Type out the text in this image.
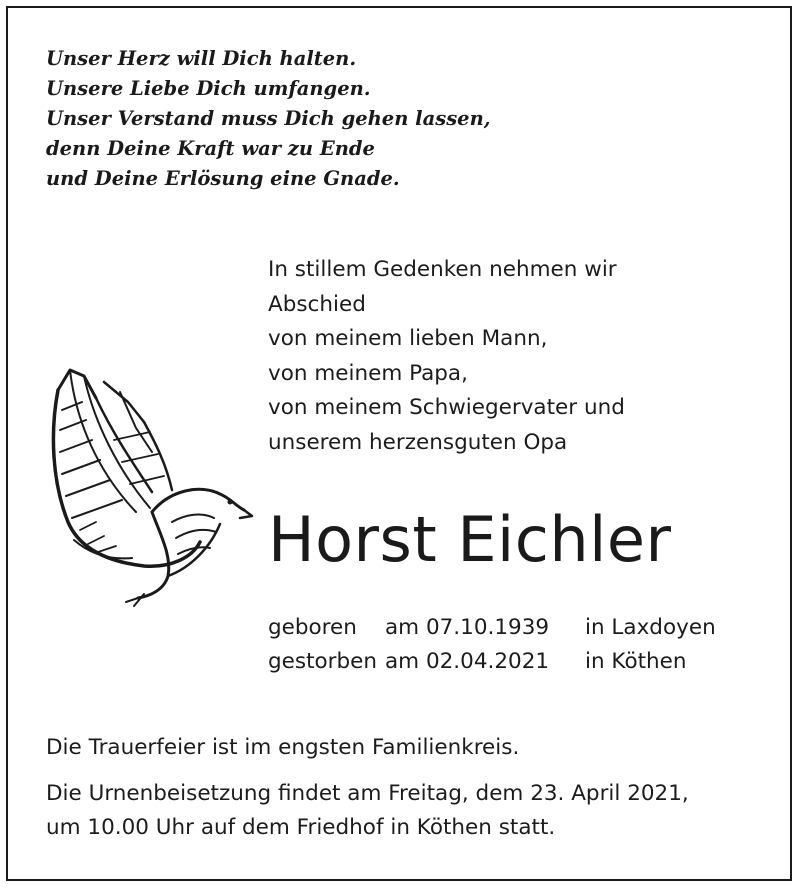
Unser Herz will Dich halten.
Unsere Liebe Dich umfangen.
Unser Verstand muss Dich gehen lassen,
denn Deine Kraft war zu Ende
und Deine Erlösung eine Gnade.
In stillem Gedenken nehmen wir
Abschied
von meinem lieben Mann,
von meinem Papa,
von meinem Schwiegervater und
unserem herzensguten Opa
Horst Eichler
geboren am 07.10.1939 in Laxdoyen
gestorben am 02.04.2021 in Köthen
Die Trauerfeier ist im engsten Familienkreis.
Die Urnenbeisetzung findet am Freitag, dem 23. April 2021,
um 10.00 Uhr auf dem Friedhof in Köthen statt.
